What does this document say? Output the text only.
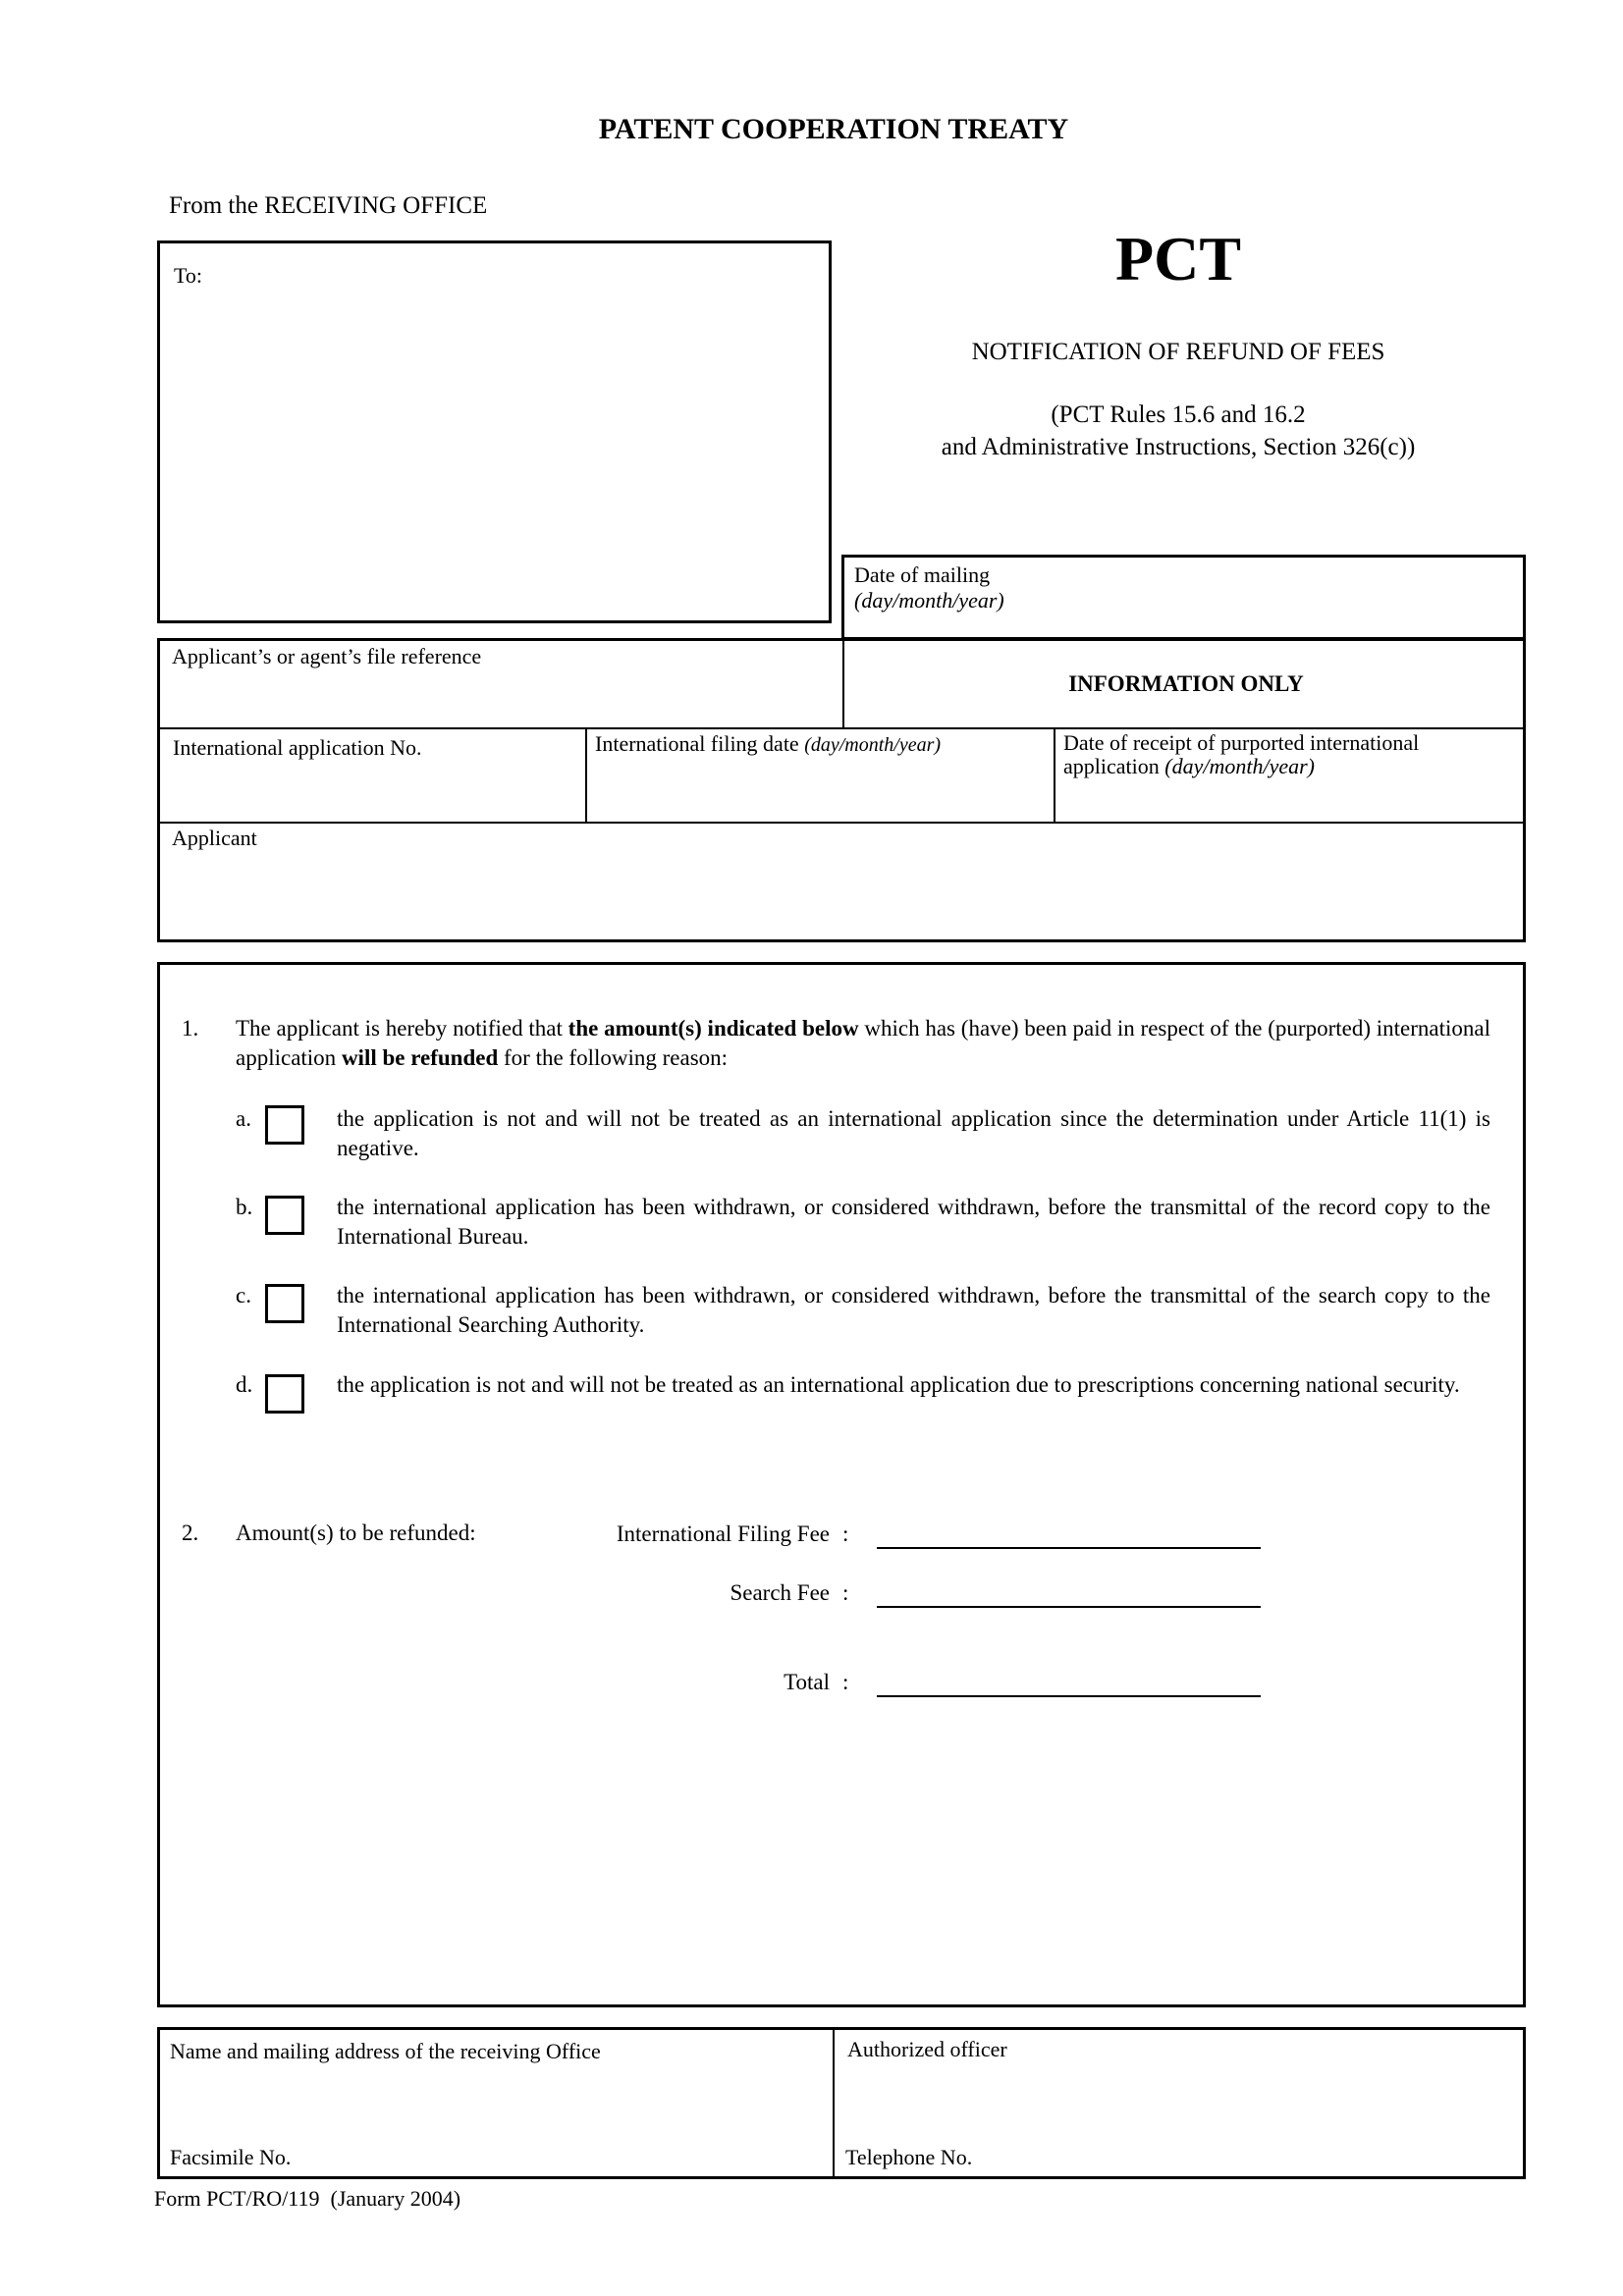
PATENT COOPERATION TREATY
From the RECEIVING OFFICE
To:	PCT
NOTIFICATION OF REFUND OF FEES
(PCT Rules 15.6 and 16.2
and Administrative Instructions, Section 326(c))
Date of mailing
(day/month/year)
Applicant’s or agent’s file reference
INFORMATION ONLY
International application No.	International filing date (day/month/year)	Date of receipt of purported international
application (day/month/year)
Applicant
1. The applicant is hereby notified that the amount(s) indicated below which has (have) been paid in respect of the (purported) international application will be refunded for the following reason:
a.	the application is not and will not be treated as an international application since the determination under Article 11(1) is negative.
b.	the international application has been withdrawn, or considered withdrawn, before the transmittal of the record copy to the International Bureau.
c.	the international application has been withdrawn, or considered withdrawn, before the transmittal of the search copy to the International Searching Authority.
d.	the application is not and will not be treated as an international application due to prescriptions concerning national security.
2. Amount(s) to be refunded:	International Filing Fee :
Search Fee :
Total :
Name and mailing address of the receiving Office
Facsimile No.
Authorized officer
Telephone No.
Form PCT/RO/119  (January 2004)
